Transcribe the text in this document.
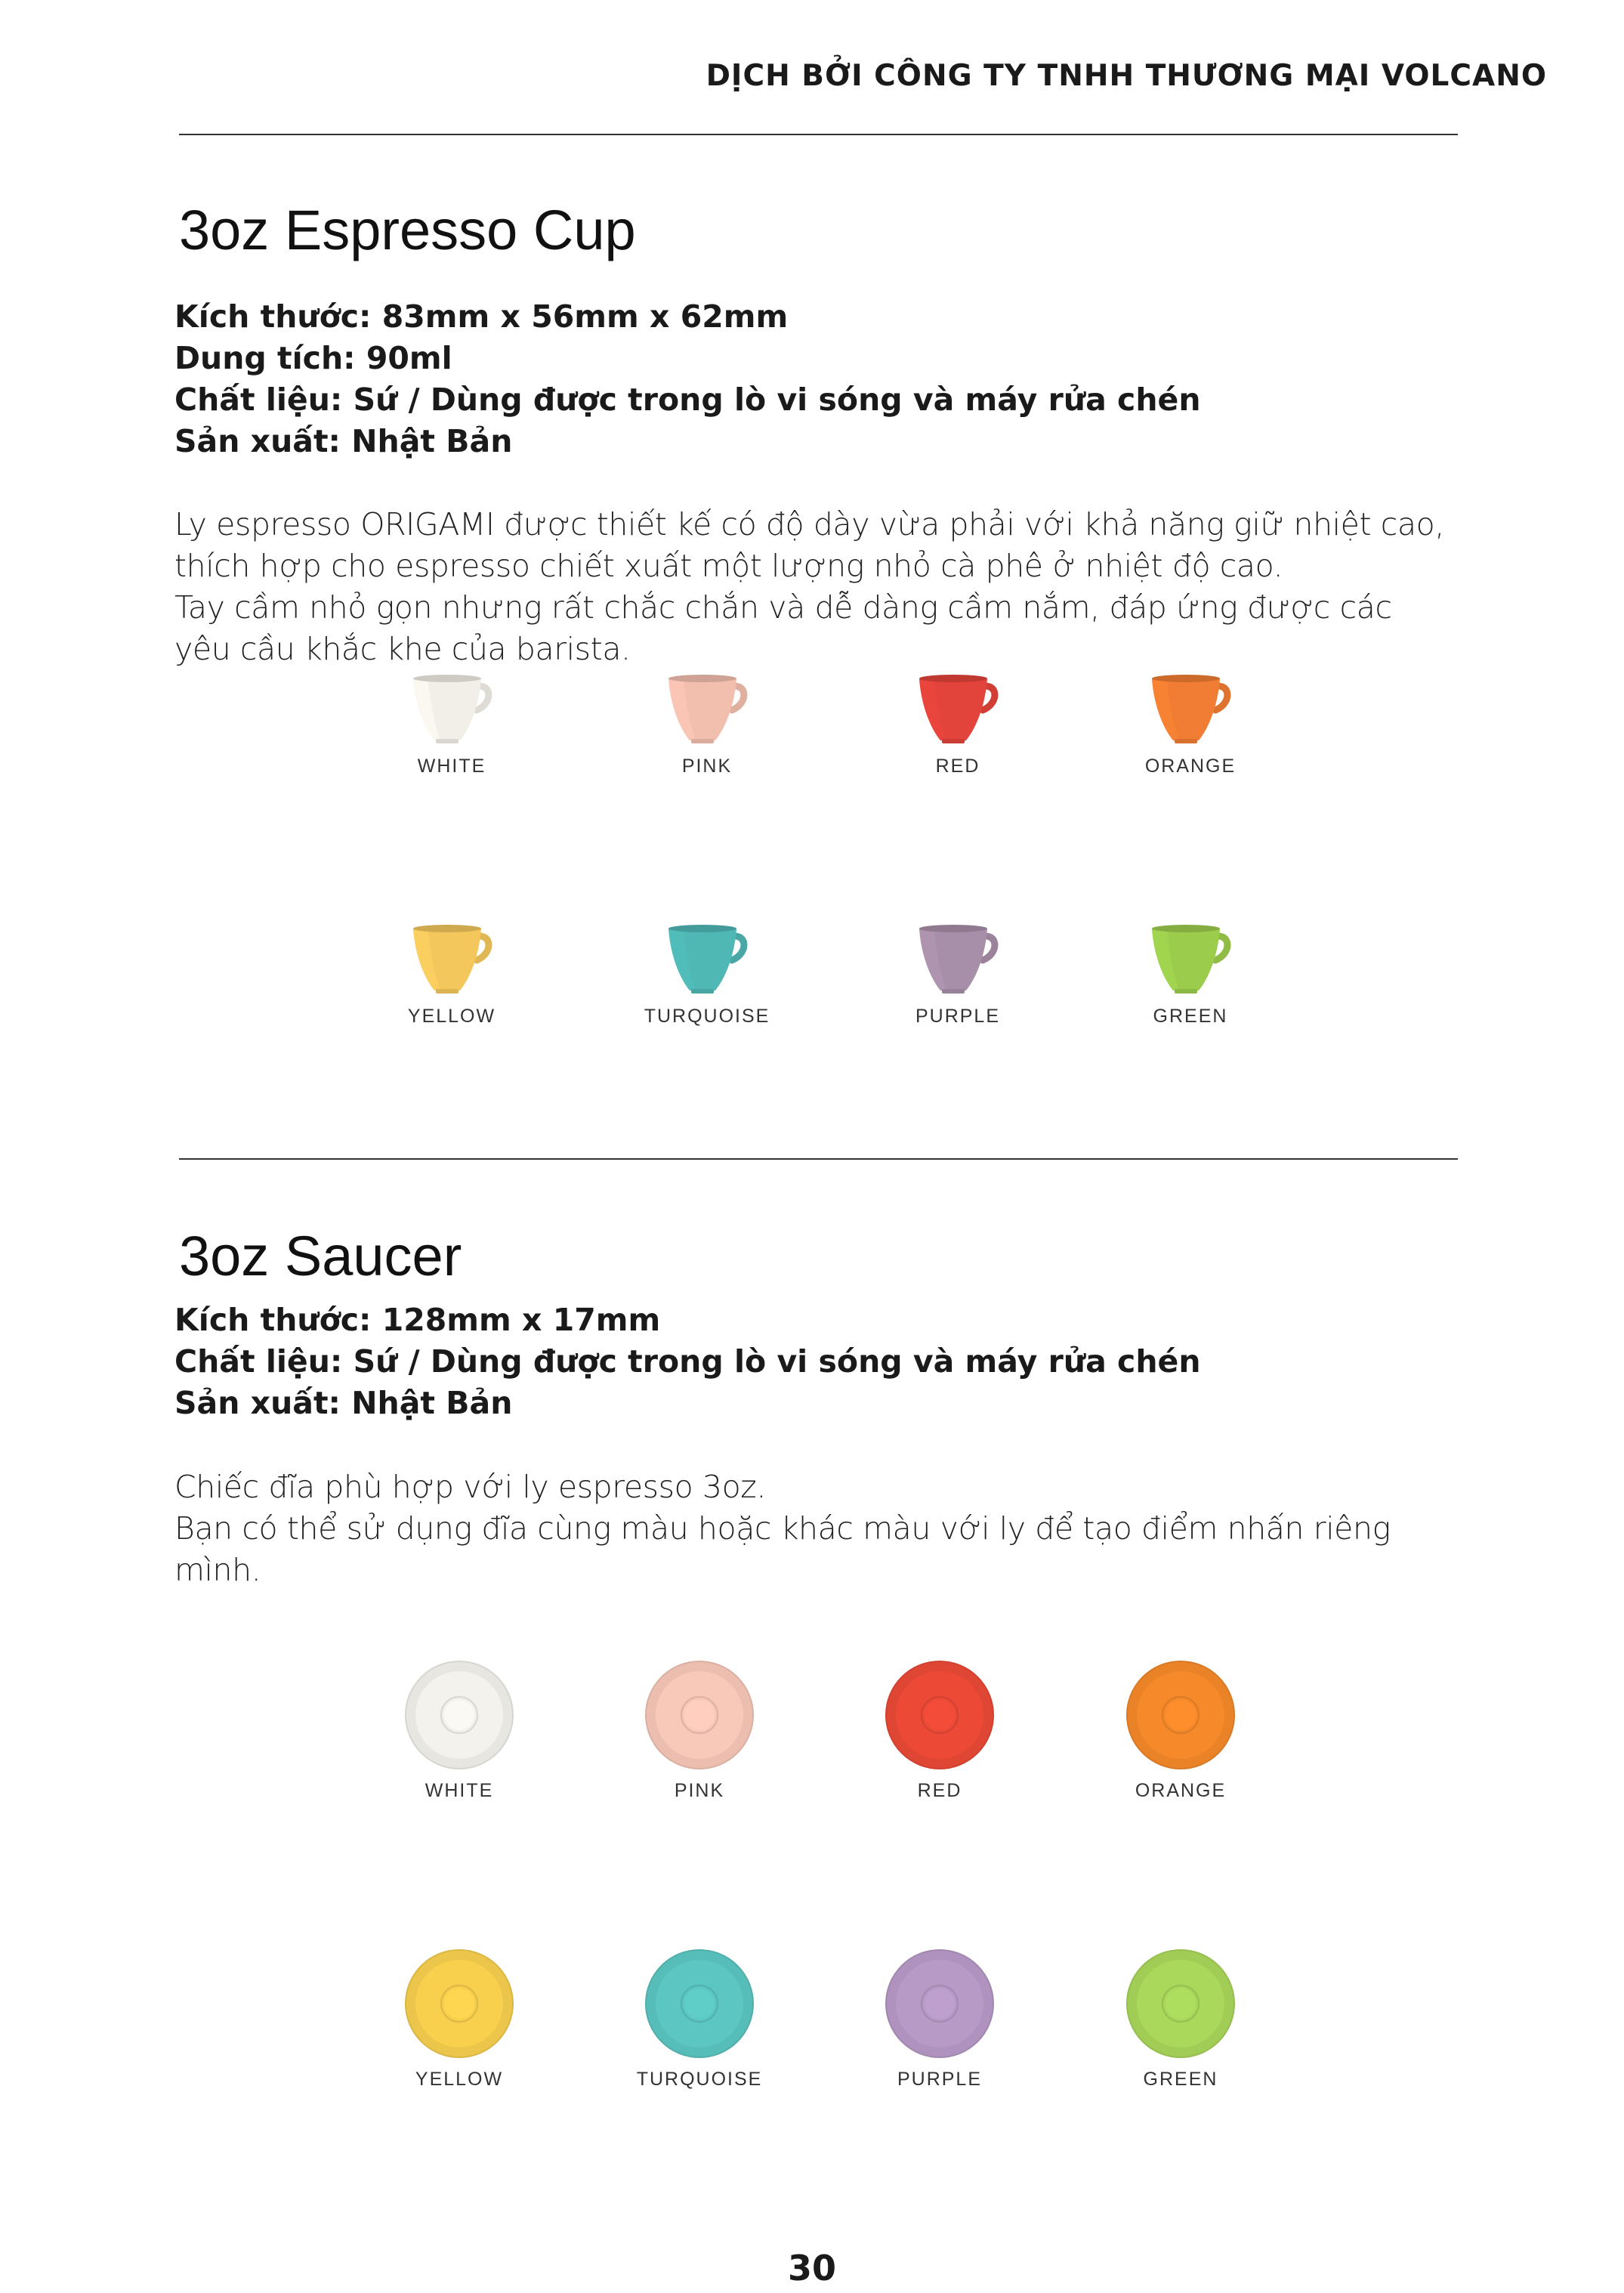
DỊCH BỞI CÔNG TY TNHH THƯƠNG MẠI VOLCANO
3oz Espresso Cup
Kích thước: 83mm x 56mm x 62mm
Dung tích: 90ml
Chất liệu: Sứ / Dùng được trong lò vi sóng và máy rửa chén
Sản xuất: Nhật Bản
Ly espresso ORIGAMI được thiết kế có độ dày vừa phải với khả năng giữ nhiệt cao,
thích hợp cho espresso chiết xuất một lượng nhỏ cà phê ở nhiệt độ cao.
Tay cầm nhỏ gọn nhưng rất chắc chắn và dễ dàng cầm nắm, đáp ứng được các
yêu cầu khắc khe của barista.
WHITE	PINK	RED	ORANGE
YELLOW	TURQUOISE	PURPLE	GREEN
3oz Saucer
Kích thước: 128mm x 17mm
Chất liệu: Sứ / Dùng được trong lò vi sóng và máy rửa chén
Sản xuất: Nhật Bản
Chiếc đĩa phù hợp với ly espresso 3oz.
Bạn có thể sử dụng đĩa cùng màu hoặc khác màu với ly để tạo điểm nhấn riêng
mình.
WHITE	PINK	RED	ORANGE
YELLOW	TURQUOISE	PURPLE	GREEN
30
